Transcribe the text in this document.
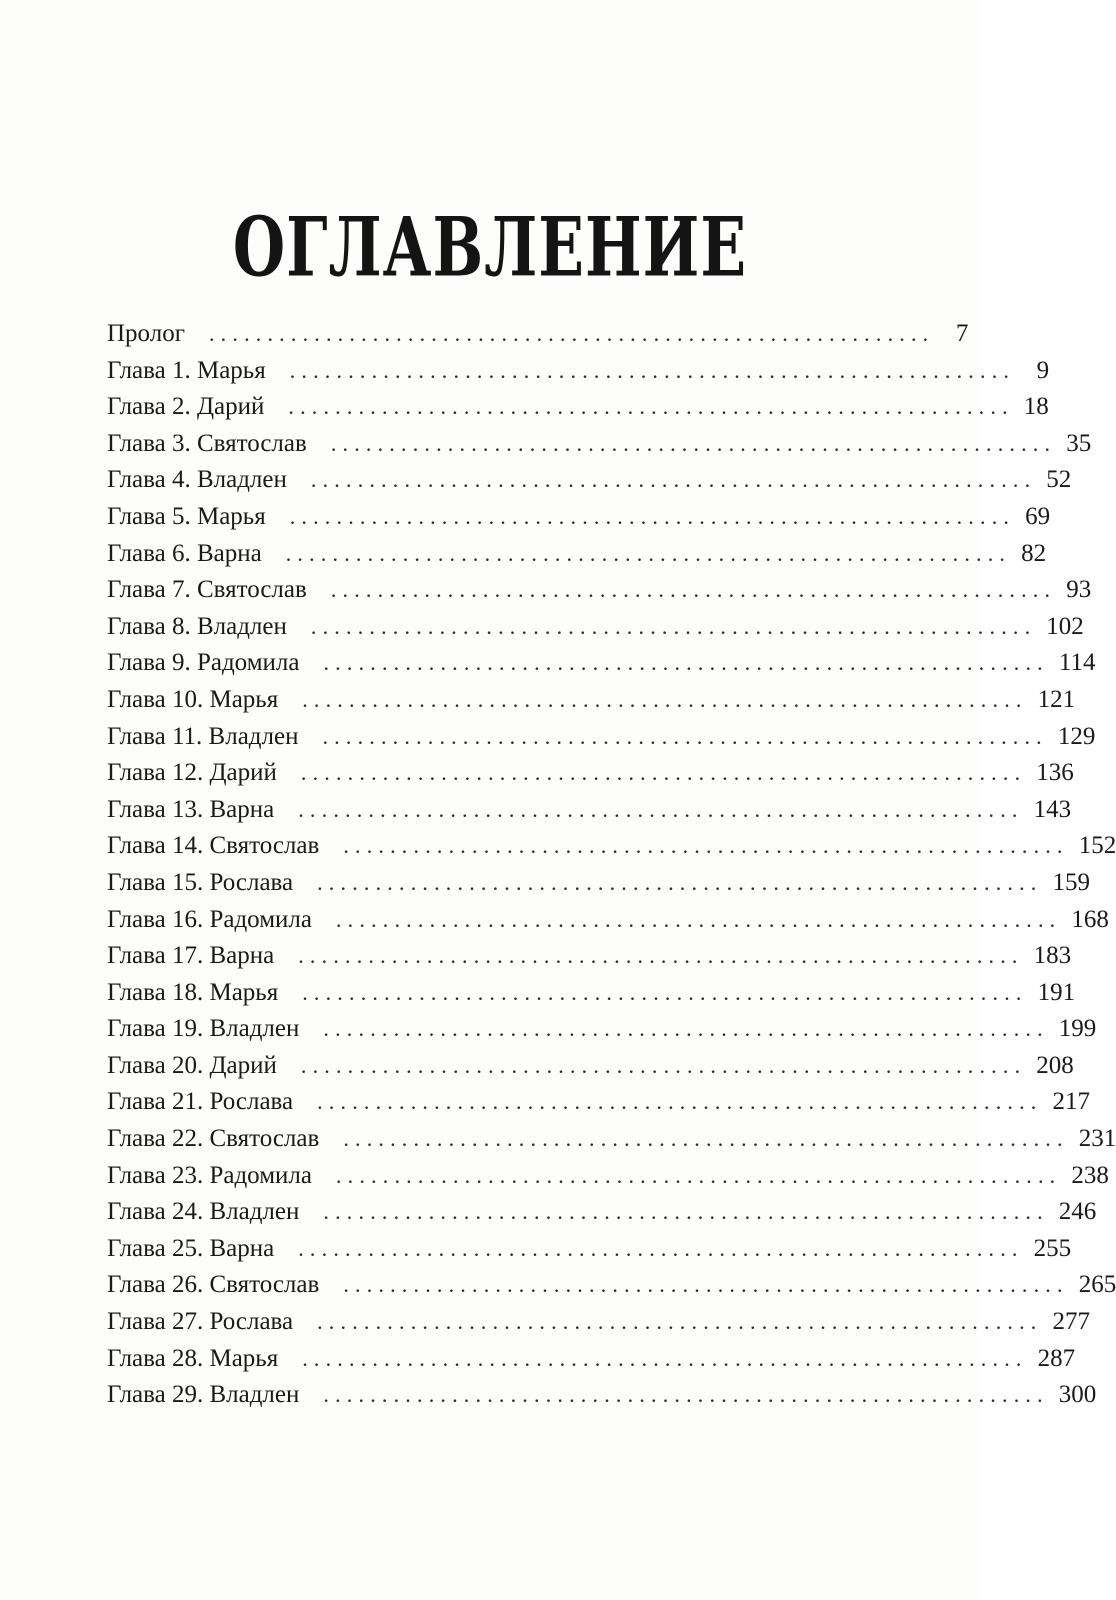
ОГЛАВЛЕНИЕ
Пролог	.............................................................. 7
Глава 1. Марья	.............................................................. 9
Глава 2. Дарий	.............................................................. 18
Глава 3. Святослав	.............................................................. 35
Глава 4. Владлен	.............................................................. 52
Глава 5. Марья	.............................................................. 69
Глава 6. Варна	.............................................................. 82
Глава 7. Святослав	.............................................................. 93
Глава 8. Владлен	.............................................................. 102
Глава 9. Радомила	.............................................................. 114
Глава 10. Марья	.............................................................. 121
Глава 11. Владлен	.............................................................. 129
Глава 12. Дарий	.............................................................. 136
Глава 13. Варна	.............................................................. 143
Глава 14. Святослав	.............................................................. 152
Глава 15. Рослава	.............................................................. 159
Глава 16. Радомила	.............................................................. 168
Глава 17. Варна	.............................................................. 183
Глава 18. Марья	.............................................................. 191
Глава 19. Владлен	.............................................................. 199
Глава 20. Дарий	.............................................................. 208
Глава 21. Рослава	.............................................................. 217
Глава 22. Святослав	.............................................................. 231
Глава 23. Радомила	.............................................................. 238
Глава 24. Владлен	.............................................................. 246
Глава 25. Варна	.............................................................. 255
Глава 26. Святослав	.............................................................. 265
Глава 27. Рослава	.............................................................. 277
Глава 28. Марья	.............................................................. 287
Глава 29. Владлен	.............................................................. 300
